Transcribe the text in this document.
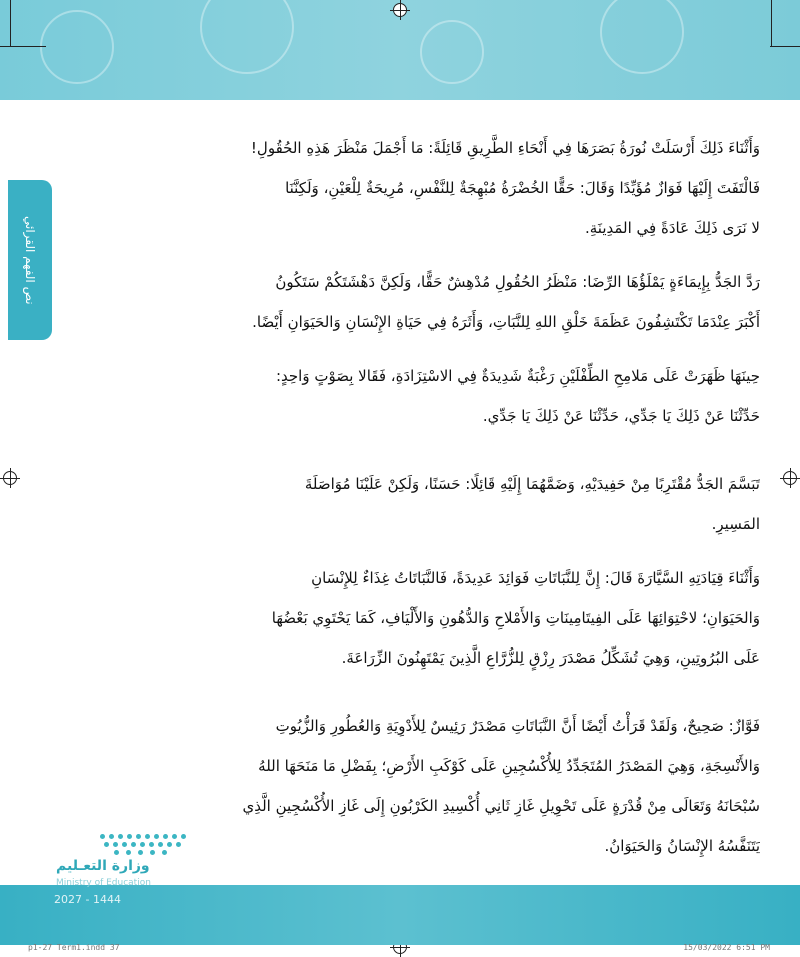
نص الفهم القرائي
وَأَثْنَاءَ ذَلِكَ أَرْسَلَتْ نُورَةُ بَصَرَهَا فِي أَنْحَاءِ الطَّرِيقِ قَائِلَةً: مَا أَجْمَلَ مَنْظَرَ هَذِهِ الحُقُولِ!
فَالْتَفَتَ إِلَيْهَا فَوَازٌ مُؤَيِّدًا وَقَالَ: حَقًّا الخُضْرَةُ مُبْهِجَةٌ لِلنَّفْسِ، مُرِيحَةٌ لِلْعَيْنِ، وَلَكِنَّنَا
لا نَرَى ذَلِكَ عَادَةً فِي المَدِينَةِ.
رَدَّ الجَدُّ بِإِيمَاءَةٍ يَمْلَؤُهَا الرِّضَا: مَنْظَرُ الحُقُولِ مُدْهِشٌ حَقًّا، وَلَكِنَّ دَهْشَتَكُمْ سَتَكُونُ
أَكْبَرَ عِنْدَمَا تَكْتَشِفُونَ عَظَمَةَ خَلْقِ اللهِ لِلنَّبَاتِ، وَأَثَرَهُ فِي حَيَاةِ الإِنْسَانِ وَالحَيَوَانِ أَيْضًا.
حِينَهَا ظَهَرَتْ عَلَى مَلامِحِ الطِّفْلَيْنِ رَغْبَةٌ شَدِيدَةٌ فِي الاسْتِزَادَةِ، فَقَالا بِصَوْتٍ وَاحِدٍ:
حَدِّثْنَا عَنْ ذَلِكَ يَا جَدِّي، حَدِّثْنَا عَنْ ذَلِكَ يَا جَدِّي.
تَبَسَّمَ الجَدُّ مُقْتَرِبًا مِنْ حَفِيدَيْهِ، وَضَمَّهُمَا إِلَيْهِ قَائِلًا: حَسَنًا، وَلَكِنْ عَلَيْنَا مُوَاصَلَةَ
المَسِيرِ.
وَأَثْنَاءَ قِيَادَتِهِ السَّيَّارَةَ قَالَ: إِنَّ لِلنَّبَاتَاتِ فَوَائِدَ عَدِيدَةً، فَالنَّبَاتَاتُ غِذَاءٌ لِلإِنْسَانِ
وَالحَيَوَانِ؛ لاحْتِوَائِهَا عَلَى الفِيتَامِينَاتِ وَالأَمْلاحِ وَالدُّهُونِ وَالأَلْيَافِ، كَمَا يَحْتَوِي بَعْضُهَا
عَلَى البُرُوتِينِ، وَهِيَ تُشَكِّلُ مَصْدَرَ رِزْقٍ لِلزُّرَّاعِ الَّذِينَ يَمْتَهِنُونَ الزِّرَاعَةَ.
فَوَّازٌ: صَحِيحٌ، وَلَقَدْ قَرَأْتُ أَيْضًا أَنَّ النَّبَاتَاتِ مَصْدَرٌ رَئِيسٌ لِلأَدْوِيَةِ وَالعُطُورِ وَالزُّيُوتِ
وَالأَنْسِجَةِ، وَهِيَ المَصْدَرُ المُتَجَدِّدُ لِلأُكْسُجِينِ عَلَى كَوْكَبِ الأَرْضِ؛ بِفَضْلِ مَا مَنَحَهَا اللهُ
سُبْحَانَهُ وَتَعَالَى مِنْ قُدْرَةٍ عَلَى تَحْوِيلِ غَازِ ثَانِي أُكْسِيدِ الكَرْبُونِ إِلَى غَازِ الأُكْسُجِينِ الَّذِي
يَتَنَفَّسُهُ الإِنْسَانُ وَالحَيَوَانُ.
وزارة التعـليم
Ministry of Education
2027 - 1444
p1-27 Term1.indd 37	15/03/2022 6:51 PM
